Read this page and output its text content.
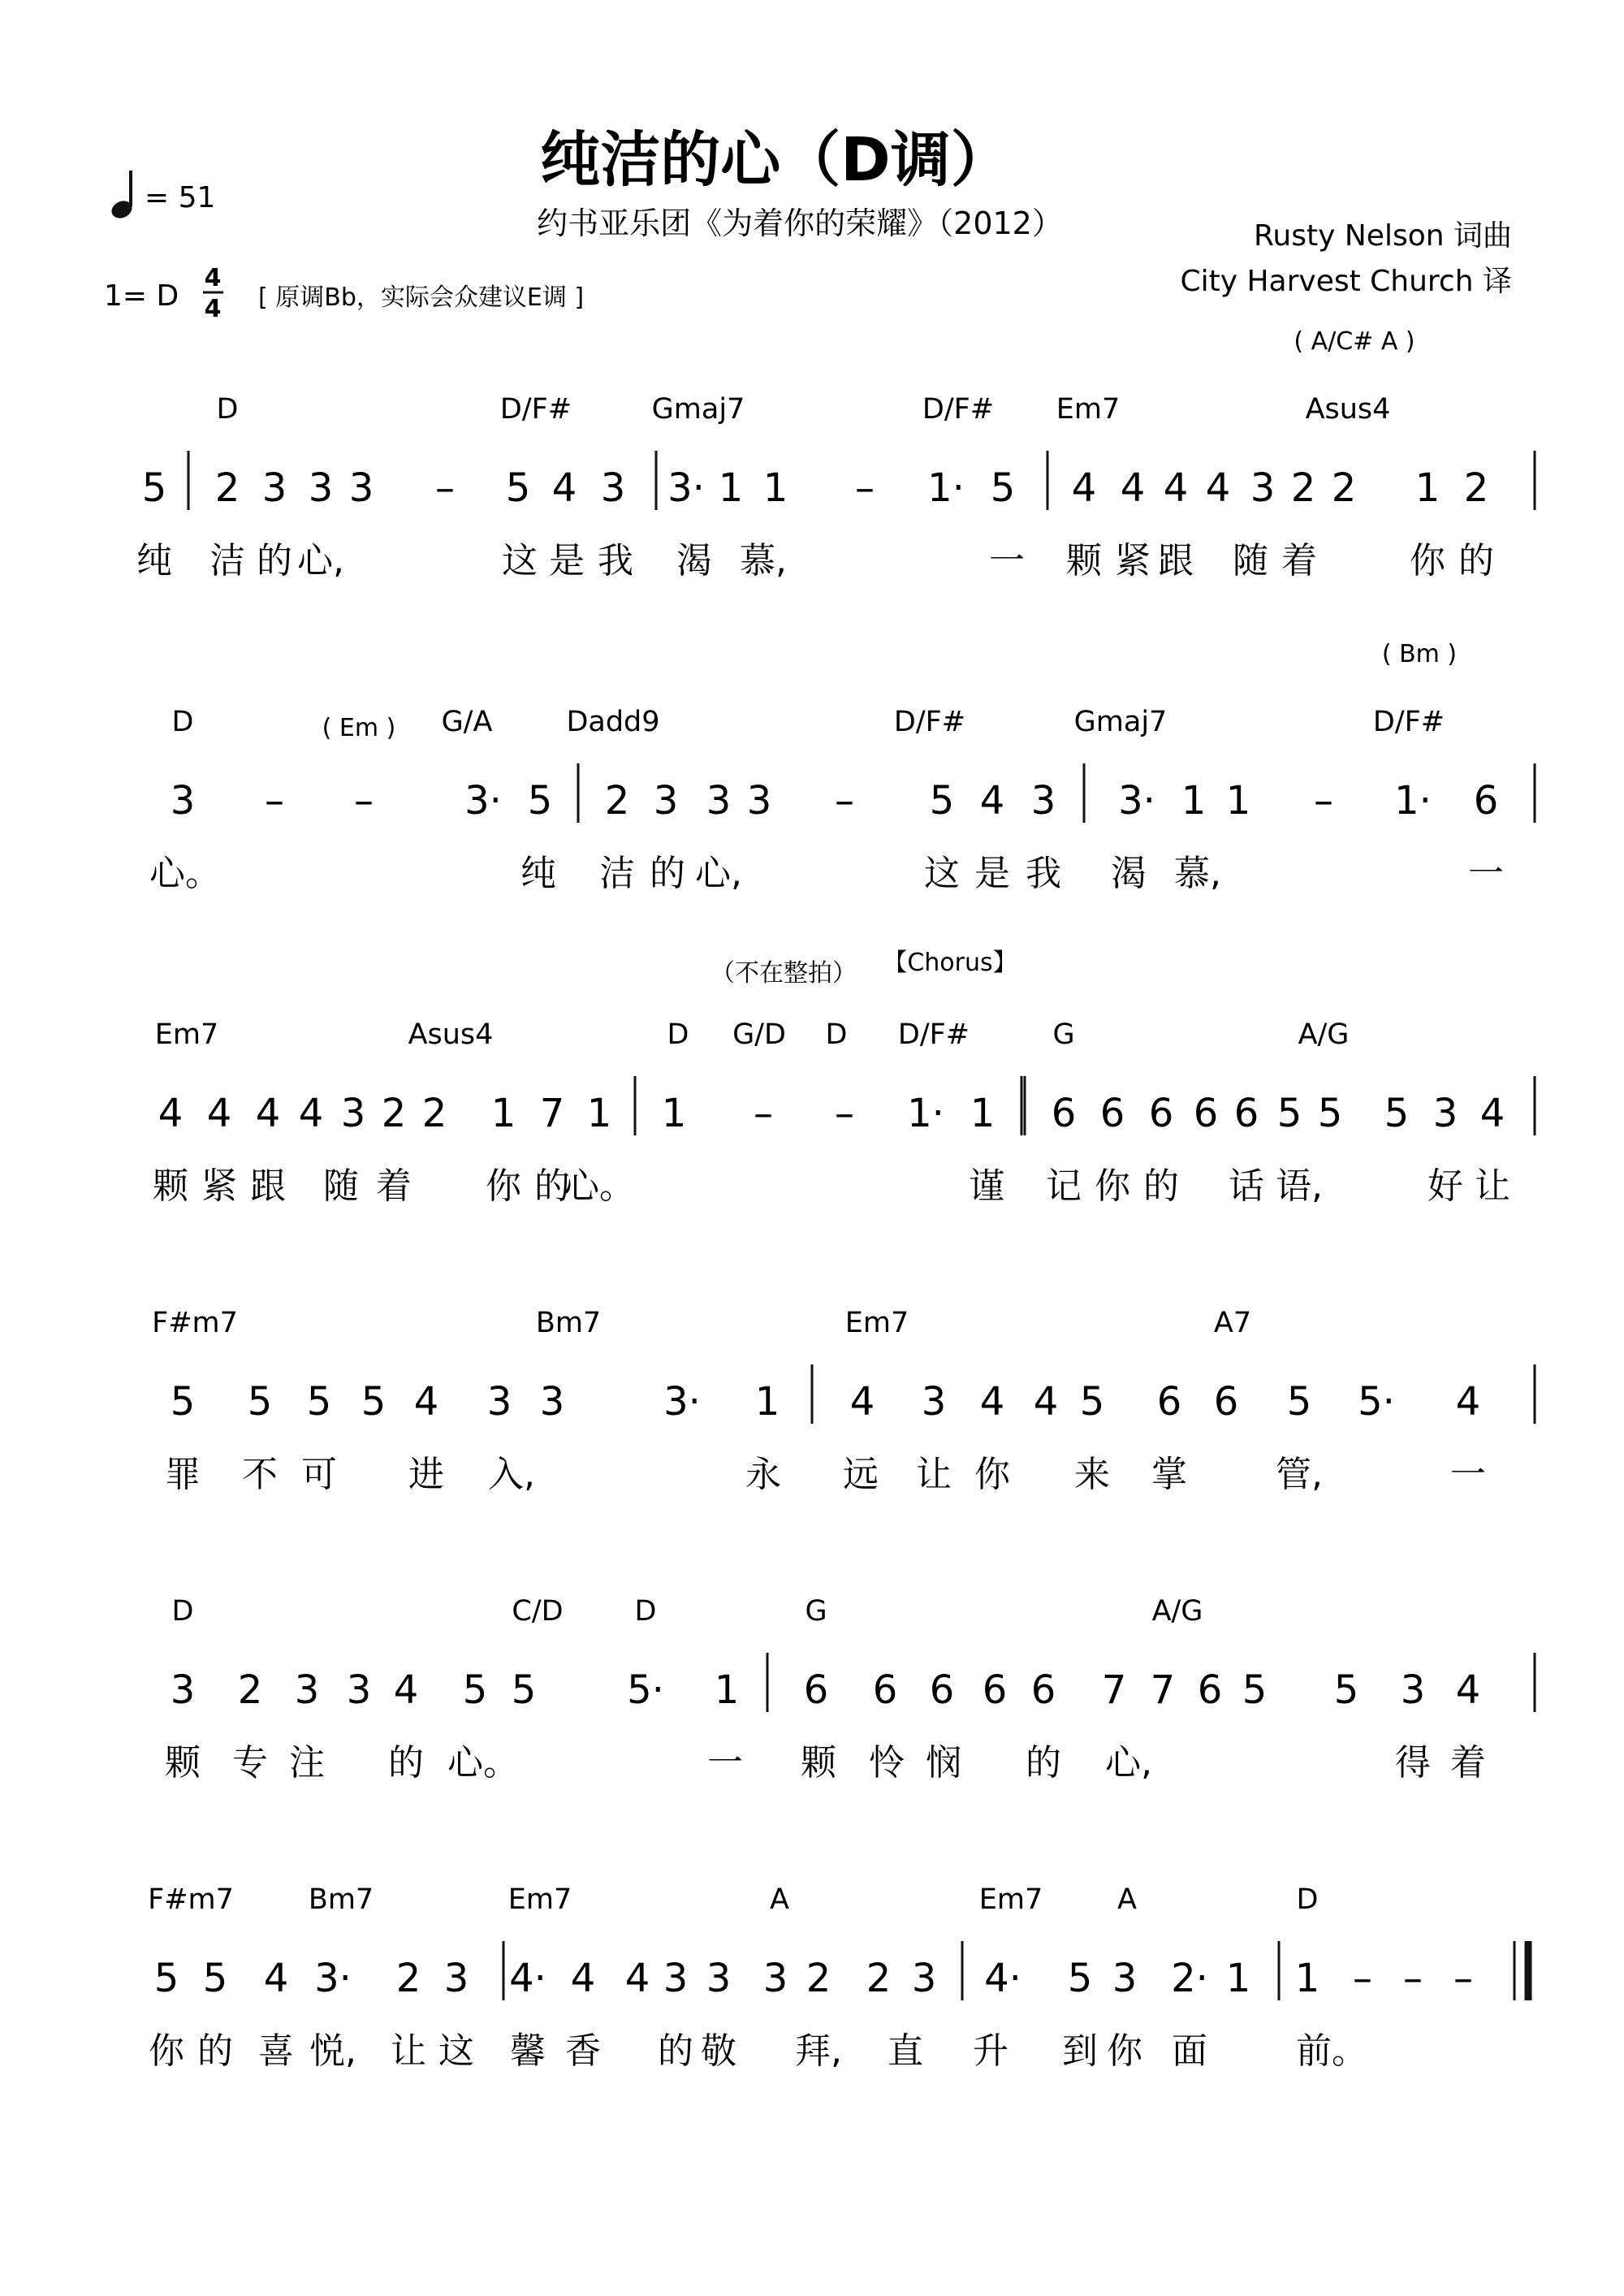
纯洁的心（D调）
约书亚乐团《为着你的荣耀》（2012）
= 51
1= D
4
4 [ 原调Bb，实际会众建议E调 ]
Rusty Nelson 词曲
City Harvest Church 译
( A/C# A )
( Bm )
( Em )
（不在整拍） 【Chorus】
D	D/F#	Gmaj7	D/F# Em7	Asus4
5 2 3 3 3 – 5 4 3 3· 1 1 – 1· 5 4 4 4 4 3 2 2 1 2
纯 洁 的 心,	这 是 我 渴 慕,	一 颗 紧 跟 随 着	你 的
D	G/A	Dadd9	D/F#	Gmaj7	D/F#
3 – – 3· 5 2 3 3 3 – 5 4 3 3· 1 1 – 1· 6
心。	纯 洁 的 心,	这 是 我 渴 慕,	一
Em7	Asus4	D G/D D D/F#	G	A/G
4 4 4 4 3 2 2 1 7 1 1 – – 1· 1 6 6 6 6 6 5 5 5 3 4
颗 紧 跟 随 着 你 的
心。	谨 记 你 的 话 语,	好 让
F#m7	Bm7	Em7	A7
5 5 5 5 4 3 3	3· 1 4 3 4 4 5 6 6 5 5· 4
罪 不 可 进 入,	永 远 让 你 来 掌 管,	一
D	C/D	D	G	A/G
3 2 3 3 4 5 5 5· 1 6 6 6 6 6 7 7 6 5 5 3 4
颗 专 注 的 心。	一 颗 怜 悯 的 心,	得 着
F#m7	Bm7	Em7	A	Em7	A	D
5 5 4 3· 2 3 4· 4 4 3 3 3 2 2 3 4· 5 3 2· 1 1 – – –
你 的 喜 悦, 让 这 馨 香 的 敬 拜, 直 升 到 你 面 前。
